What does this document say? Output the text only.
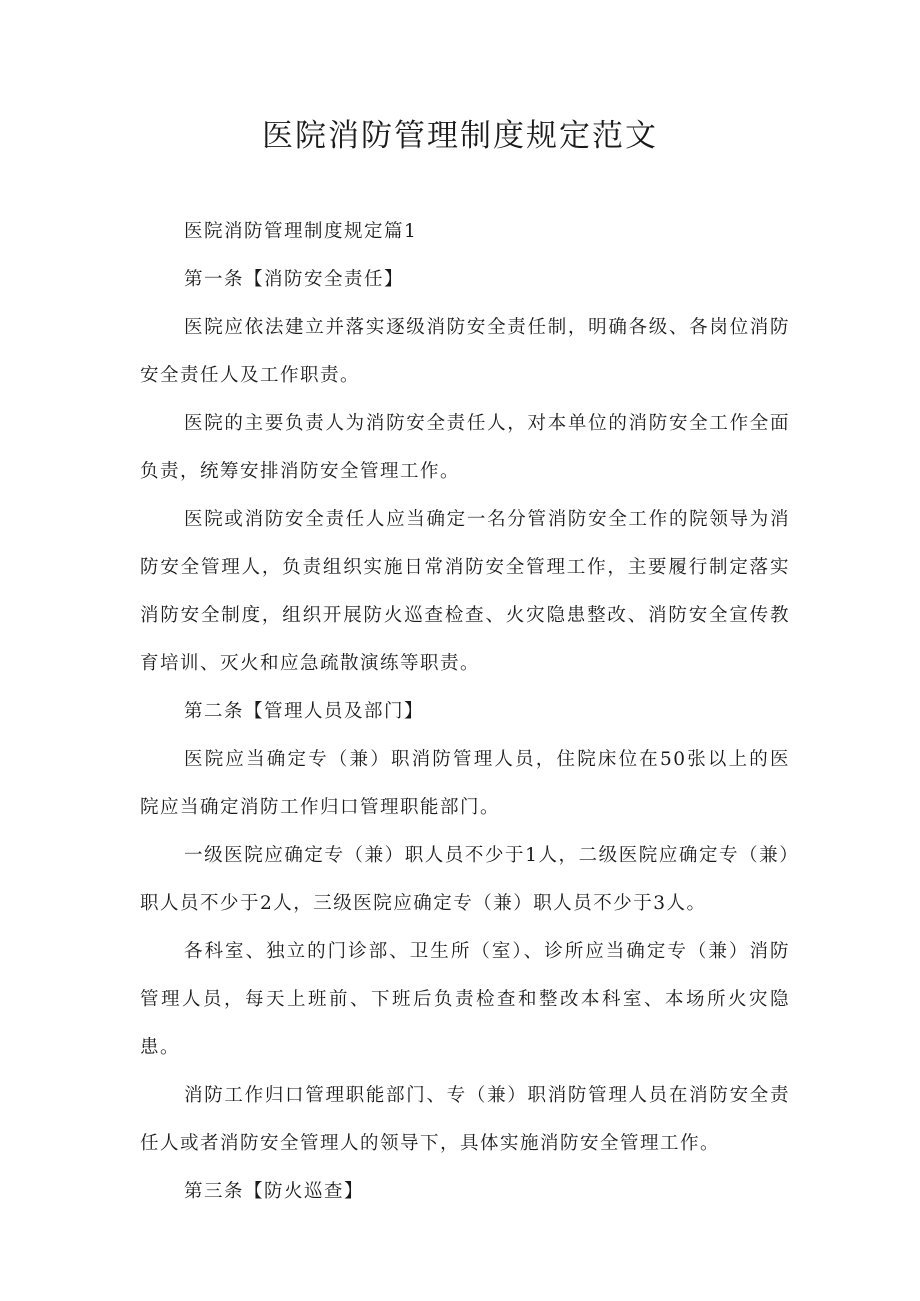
医院消防管理制度规定范文

医院消防管理制度规定篇1

第一条【消防安全责任】

医院应依法建立并落实逐级消防安全责任制，明确各级、各岗位消防安全责任人及工作职责。

医院的主要负责人为消防安全责任人，对本单位的消防安全工作全面负责，统筹安排消防安全管理工作。

医院或消防安全责任人应当确定一名分管消防安全工作的院领导为消防安全管理人，负责组织实施日常消防安全管理工作，主要履行制定落实消防安全制度，组织开展防火巡查检查、火灾隐患整改、消防安全宣传教育培训、灭火和应急疏散演练等职责。

第二条【管理人员及部门】

医院应当确定专（兼）职消防管理人员，住院床位在50张以上的医院应当确定消防工作归口管理职能部门。

一级医院应确定专（兼）职人员不少于1人，二级医院应确定专（兼）职人员不少于2人，三级医院应确定专（兼）职人员不少于3人。

各科室、独立的门诊部、卫生所（室）、诊所应当确定专（兼）消防管理人员，每天上班前、下班后负责检查和整改本科室、本场所火灾隐患。

消防工作归口管理职能部门、专（兼）职消防管理人员在消防安全责任人或者消防安全管理人的领导下，具体实施消防安全管理工作。

第三条【防火巡查】
